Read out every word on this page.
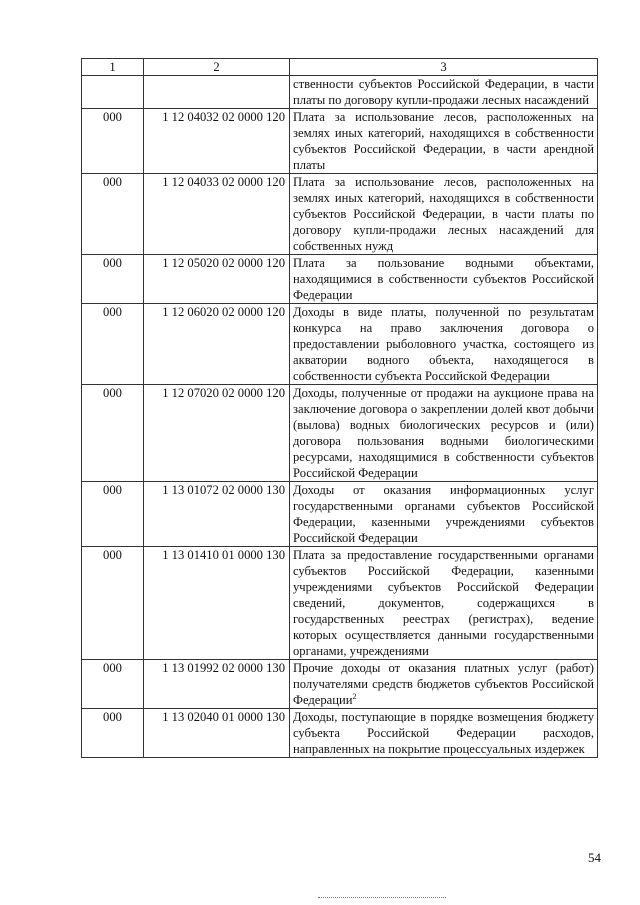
1	2	3
		ственности субъектов Российской Федерации, в части платы по договору купли-продажи лесных насаждений
000	1 12 04032 02 0000 120	Плата за использование лесов, расположенных на землях иных категорий, находящихся в собственности субъектов Российской Федерации, в части арендной платы
000	1 12 04033 02 0000 120	Плата за использование лесов, расположенных на землях иных категорий, находящихся в собственности субъектов Российской Федерации, в части платы по договору купли-продажи лесных насаждений для собственных нужд
000	1 12 05020 02 0000 120	Плата за пользование водными объектами, находящимися в собственности субъектов Российской Федерации
000	1 12 06020 02 0000 120	Доходы в виде платы, полученной по результатам конкурса на право заключения договора о предоставлении рыболовного участка, состоящего из акватории водного объекта, находящегося в собственности субъекта Российской Федерации
000	1 12 07020 02 0000 120	Доходы, полученные от продажи на аукционе права на заключение договора о закреплении долей квот добычи (вылова) водных биологических ресурсов и (или) договора пользования водными биологическими ресурсами, находящимися в собственности субъектов Российской Федерации
000	1 13 01072 02 0000 130	Доходы от оказания информационных услуг государственными органами субъектов Российской Федерации, казенными учреждениями субъектов Российской Федерации
000	1 13 01410 01 0000 130	Плата за предоставление государственными органами субъектов Российской Федерации, казенными учреждениями субъектов Российской Федерации сведений, документов, содержащихся в государственных реестрах (регистрах), ведение которых осуществляется данными государственными органами, учреждениями
000	1 13 01992 02 0000 130	Прочие доходы от оказания платных услуг (работ) получателями средств бюджетов субъектов Российской Федерации$^2$
000	1 13 02040 01 0000 130	Доходы, поступающие в порядке возмещения бюджету субъекта Российской Федерации расходов, направленных на покрытие процессуальных издержек
54
